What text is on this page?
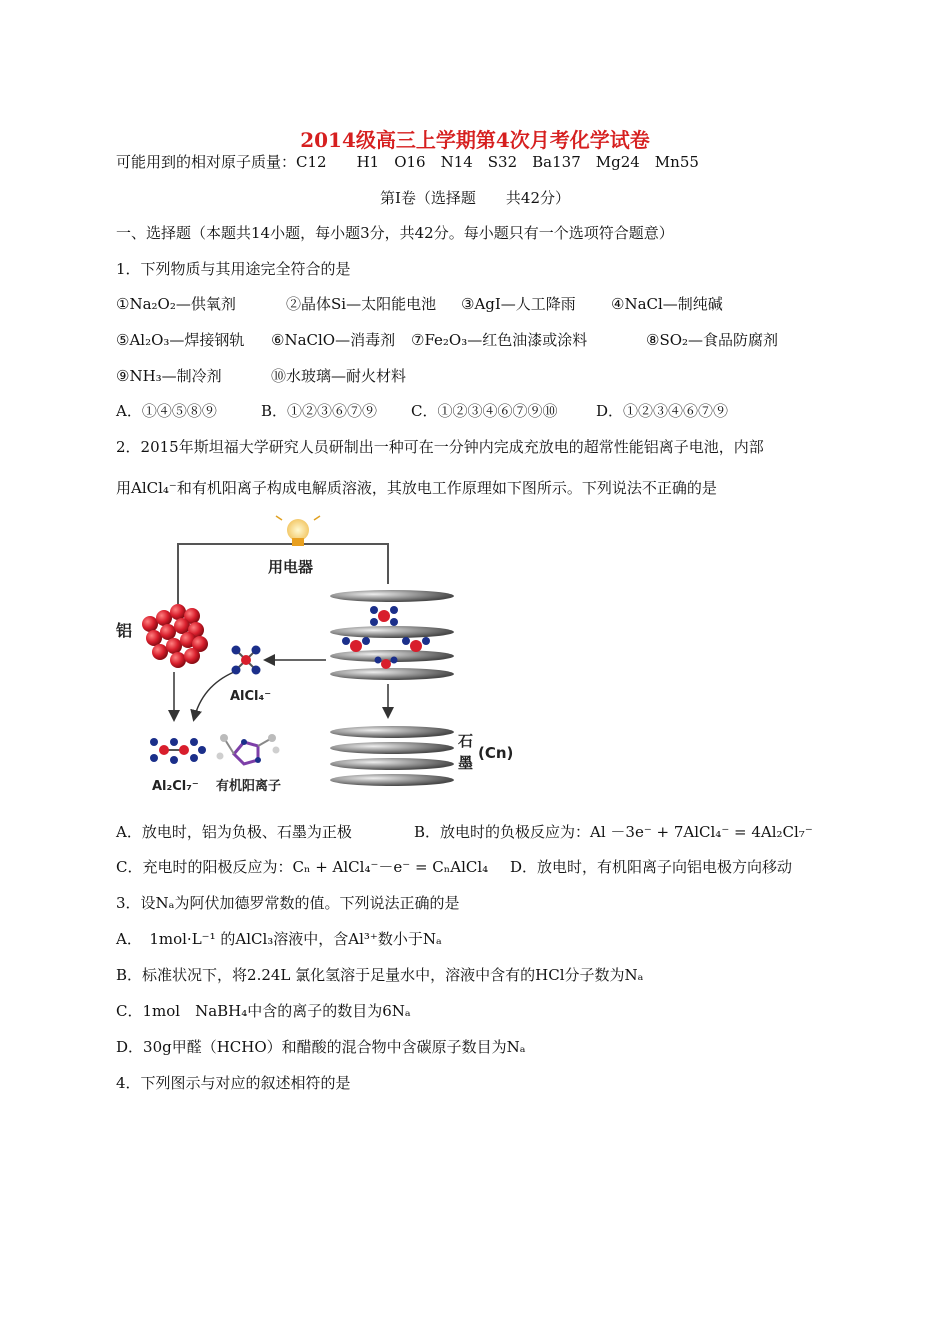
2014级高三上学期第4次月考化学试卷
可能用到的相对原子质量：C12　　H1　O16　N14　S32　Ba137　Mg24　Mn55
第Ⅰ卷（选择题　　共42分）
一、选择题（本题共14小题，每小题3分，共42分。每小题只有一个选项符合题意）
1．下列物质与其用途完全符合的是
①Na₂O₂—供氧剂	②晶体Si—太阳能电池 ③AgI—人工降雨 ④NaCl—制纯碱
⑤Al₂O₃—焊接钢轨 ⑥NaClO—消毒剂 ⑦Fe₂O₃—红色油漆或涂料	⑧SO₂—食品防腐剂
⑨NH₃—制冷剂	⑩水玻璃—耐火材料
A．①④⑤⑧⑨	B．①②③⑥⑦⑨ C．①②③④⑥⑦⑨⑩	D．①②③④⑥⑦⑨
2．2015年斯坦福大学研究人员研制出一种可在一分钟内完成充放电的超常性能铝离子电池，内部
用AlCl₄⁻和有机阳离子构成电解质溶液，其放电工作原理如下图所示。下列说法不正确的是
用电器
铝
AlCl₄⁻
石
墨
(Cn)
Al₂Cl₇⁻ 有机阳离子
A．放电时，铝为负极、石墨为正极	B．放电时的负极反应为：Al －3e⁻ + 7AlCl₄⁻ = 4Al₂Cl₇⁻
C．充电时的阳极反应为：Cₙ + AlCl₄⁻－e⁻ = CₙAlCl₄ D．放电时，有机阳离子向铝电极方向移动
3．设Nₐ为阿伏加德罗常数的值。下列说法正确的是
A．　1mol·L⁻¹ 的AlCl₃溶液中，含Al³⁺数小于Nₐ
B．标准状况下，将2.24L 氯化氢溶于足量水中，溶液中含有的HCl分子数为Nₐ
C．1mol　NaBH₄中含的离子的数目为6Nₐ
D．30g甲醛（HCHO）和醋酸的混合物中含碳原子数目为Nₐ
4．下列图示与对应的叙述相符的是
